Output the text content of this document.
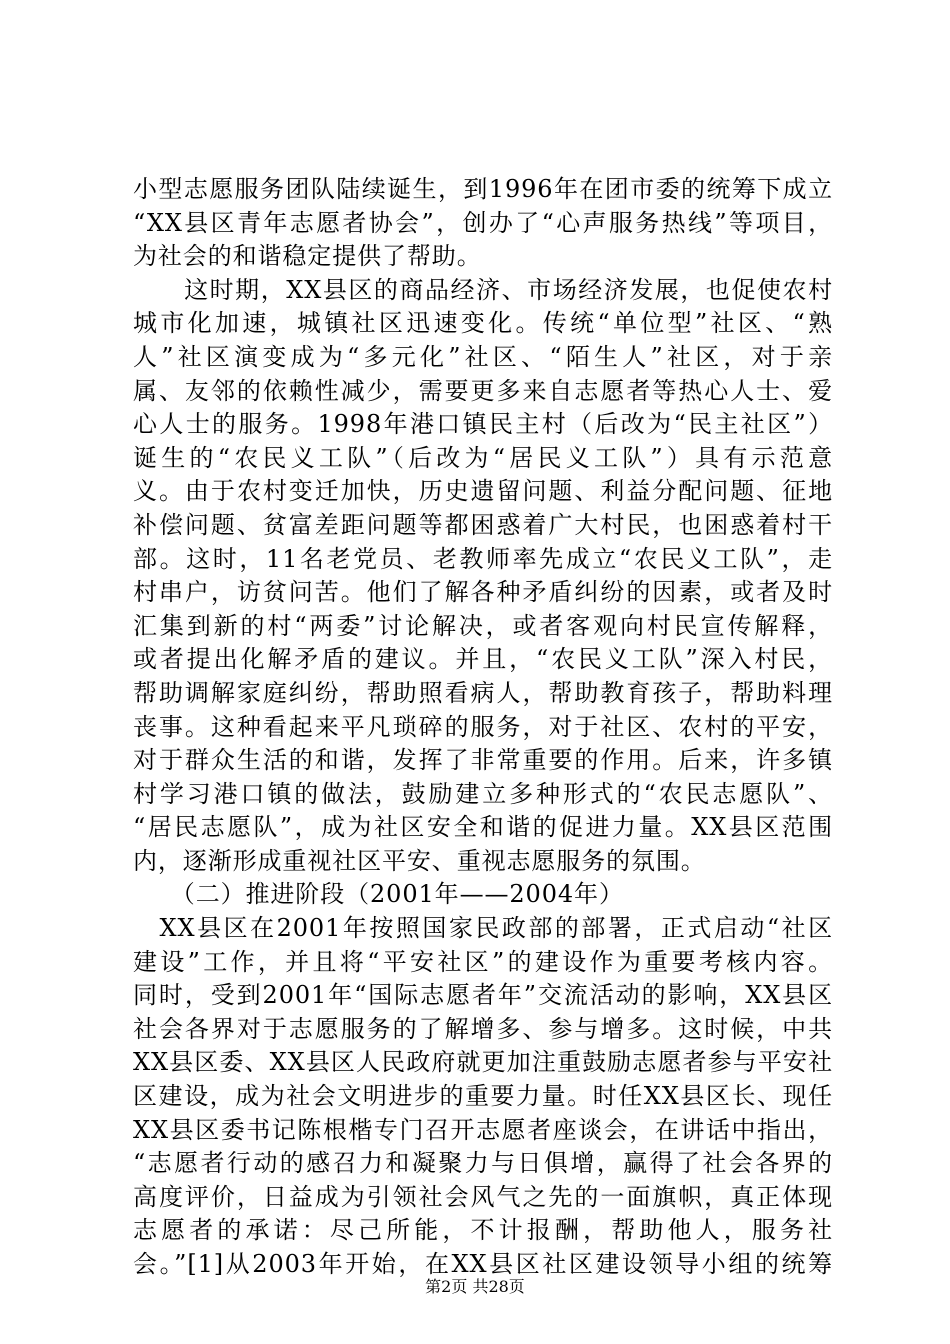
小型志愿服务团队陆续诞生，到1996年在团市委的统筹下成立
“XX县区青年志愿者协会”，创办了“心声服务热线”等项目，
为社会的和谐稳定提供了帮助。
　　这时期，XX县区的商品经济、市场经济发展，也促使农村
城市化加速，城镇社区迅速变化。传统“单位型”社区、“熟
人”社区演变成为“多元化”社区、“陌生人”社区，对于亲
属、友邻的依赖性减少，需要更多来自志愿者等热心人士、爱
心人士的服务。1998年港口镇民主村（后改为“民主社区”）
诞生的“农民义工队”（后改为“居民义工队”）具有示范意
义。由于农村变迁加快，历史遗留问题、利益分配问题、征地
补偿问题、贫富差距问题等都困惑着广大村民，也困惑着村干
部。这时，11名老党员、老教师率先成立“农民义工队”，走
村串户，访贫问苦。他们了解各种矛盾纠纷的因素，或者及时
汇集到新的村“两委”讨论解决，或者客观向村民宣传解释，
或者提出化解矛盾的建议。并且，“农民义工队”深入村民，
帮助调解家庭纠纷，帮助照看病人，帮助教育孩子，帮助料理
丧事。这种看起来平凡琐碎的服务，对于社区、农村的平安，
对于群众生活的和谐，发挥了非常重要的作用。后来，许多镇
村学习港口镇的做法，鼓励建立多种形式的“农民志愿队”、
“居民志愿队”，成为社区安全和谐的促进力量。XX县区范围
内，逐渐形成重视社区平安、重视志愿服务的氛围。
　　（二）推进阶段（2001年——2004年）
　XX县区在2001年按照国家民政部的部署，正式启动“社区
建设”工作，并且将“平安社区”的建设作为重要考核内容。
同时，受到2001年“国际志愿者年”交流活动的影响，XX县区
社会各界对于志愿服务的了解增多、参与增多。这时候，中共
XX县区委、XX县区人民政府就更加注重鼓励志愿者参与平安社
区建设，成为社会文明进步的重要力量。时任XX县区长、现任
XX县区委书记陈根楷专门召开志愿者座谈会，在讲话中指出，
“志愿者行动的感召力和凝聚力与日俱增，赢得了社会各界的
高度评价，日益成为引领社会风气之先的一面旗帜，真正体现
志愿者的承诺：尽己所能，不计报酬，帮助他人，服务社
会。”[1]从2003年开始，在XX县区社区建设领导小组的统筹
第2页 共28页
